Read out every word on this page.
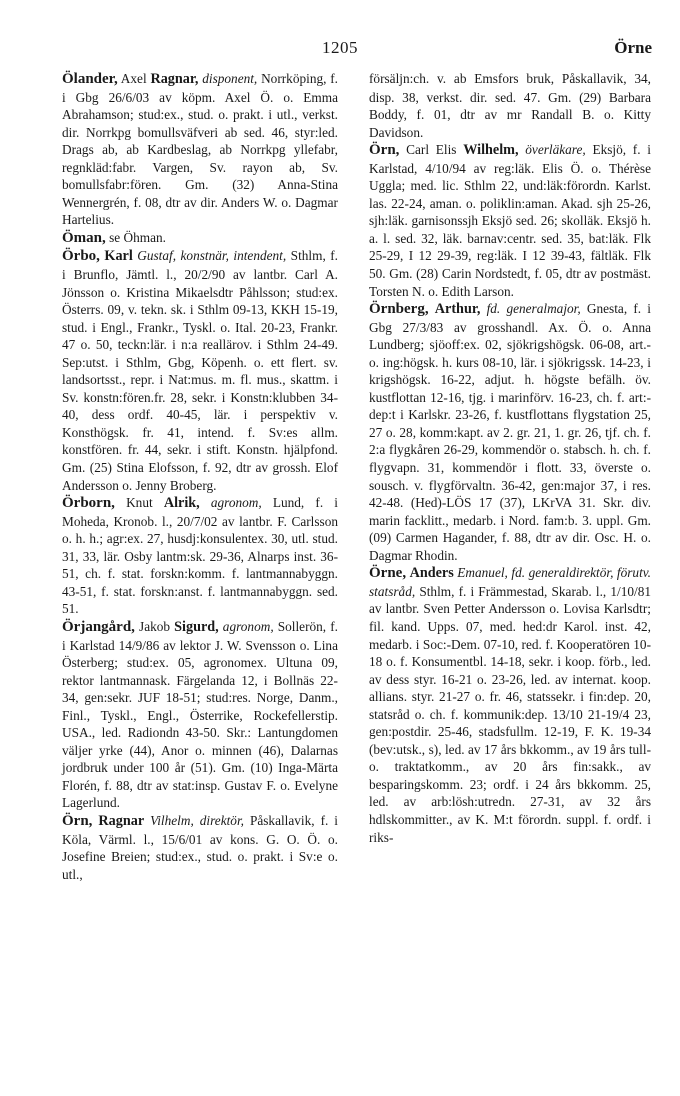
1205	Örne

Ölander, Axel Ragnar, disponent, Norrköping, f. i Gbg 26/6/03 av köpm. Axel Ö. o. Emma Abrahamson; stud:ex., stud. o. prakt. i utl., verkst. dir. Norrkpg bomullsväfveri ab sed. 46, styr:led. Drags ab, ab Kardbeslag, ab Norrkpg yllefabr, regnkläd:fabr. Vargen, Sv. rayon ab, Sv. bomullsfabr:fören. Gm. (32) Anna-Stina Wennergrén, f. 08, dtr av dir. Anders W. o. Dagmar Hartelius.

Öman, se Öhman.

Örbo, Karl Gustaf, konstnär, intendent, Sthlm, f. i Brunflo, Jämtl. l., 20/2/90 av lantbr. Carl A. Jönsson o. Kristina Mikaelsdtr Påhlsson; stud:ex. Österrs. 09, v. tekn. sk. i Sthlm 09-13, KKH 15-19, stud. i Engl., Frankr., Tyskl. o. Ital. 20-23, Frankr. 47 o. 50, teckn:lär. i n:a reallärov. i Sthlm 24-49. Sep:utst. i Sthlm, Gbg, Köpenh. o. ett flert. sv. landsortsst., repr. i Nat:mus. m. fl. mus., skattm. i Sv. konstn:fören.fr. 28, sekr. i Konstn:klubben 34-40, dess ordf. 40-45, lär. i perspektiv v. Konsthögsk. fr. 41, intend. f. Sv:es allm. konstfören. fr. 44, sekr. i stift. Konstn. hjälpfond. Gm. (25) Stina Elofsson, f. 92, dtr av grossh. Elof Andersson o. Jenny Broberg.

Örborn, Knut Alrik, agronom, Lund, f. i Moheda, Kronob. l., 20/7/02 av lantbr. F. Carlsson o. h. h.; agr:ex. 27, husdj:konsulentex. 30, utl. stud. 31, 33, lär. Osby lantm:sk. 29-36, Alnarps inst. 36-51, ch. f. stat. forskn:komm. f. lantmannabyggn. 43-51, f. stat. forskn:anst. f. lantmannabyggn. sed. 51.

Örjangård, Jakob Sigurd, agronom, Sollerön, f. i Karlstad 14/9/86 av lektor J. W. Svensson o. Lina Österberg; stud:ex. 05, agronomex. Ultuna 09, rektor lantmannask. Färgelanda 12, i Bollnäs 22-34, gen:sekr. JUF 18-51; stud:res. Norge, Danm., Finl., Tyskl., Engl., Österrike, Rockefellerstip. USA., led. Radiondn 43-50. Skr.: Lantungdomen väljer yrke (44), Anor o. minnen (46), Dalarnas jordbruk under 100 år (51). Gm. (10) Inga-Märta Florén, f. 88, dtr av stat:insp. Gustav F. o. Evelyne Lagerlund.

Örn, Ragnar Vilhelm, direktör, Påskallavik, f. i Köla, Värml. l., 15/6/01 av kons. G. O. Ö. o. Josefine Breien; stud:ex., stud. o. prakt. i Sv:e o. utl.,

försäljn:ch. v. ab Emsfors bruk, Påskallavik, 34, disp. 38, verkst. dir. sed. 47. Gm. (29) Barbara Boddy, f. 01, dtr av mr Randall B. o. Kitty Davidson.

Örn, Carl Elis Wilhelm, överläkare, Eksjö, f. i Karlstad, 4/10/94 av reg:läk. Elis Ö. o. Thérèse Uggla; med. lic. Sthlm 22, und:läk:förordn. Karlst. las. 22-24, aman. o. poliklin:aman. Akad. sjh 25-26, sjh:läk. garnisonssjh Eksjö sed. 26; skolläk. Eksjö h. a. l. sed. 32, läk. barnav:centr. sed. 35, bat:läk. Flk 25-29, I 12 29-39, reg:läk. I 12 39-43, fältläk. Flk 50. Gm. (28) Carin Nordstedt, f. 05, dtr av postmäst. Torsten N. o. Edith Larson.

Örnberg, Arthur, fd. generalmajor, Gnesta, f. i Gbg 27/3/83 av grosshandl. Ax. Ö. o. Anna Lundberg; sjöoff:ex. 02, sjökrigshögsk. 06-08, art.-o. ing:högsk. h. kurs 08-10, lär. i sjökrigssk. 14-23, i krigshögsk. 16-22, adjut. h. högste befälh. öv. kustflottan 12-16, tjg. i marinförv. 16-23, ch. f. art:-dep:t i Karlskr. 23-26, f. kustflottans flygstation 25, 27 o. 28, komm:kapt. av 2. gr. 21, 1. gr. 26, tjf. ch. f. 2:a flygkåren 26-29, kommendör o. stabsch. h. ch. f. flygvapn. 31, kommendör i flott. 33, överste o. sousch. v. flygförvaltn. 36-42, gen:major 37, i res. 42-48. (Hed)-LÖS 17 (37), LKrVA 31. Skr. div. marin facklitt., medarb. i Nord. fam:b. 3. uppl. Gm. (09) Carmen Hagander, f. 88, dtr av dir. Osc. H. o. Dagmar Rhodin.

Örne, Anders Emanuel, fd. generaldirektör, förutv. statsråd, Sthlm, f. i Främmestad, Skarab. l., 1/10/81 av lantbr. Sven Petter Andersson o. Lovisa Karlsdtr; fil. kand. Upps. 07, med. hed:dr Karol. inst. 42, medarb. i Soc:-Dem. 07-10, red. f. Kooperatören 10-18 o. f. Konsumentbl. 14-18, sekr. i koop. förb., led. av dess styr. 16-21 o. 23-26, led. av internat. koop. allians. styr. 21-27 o. fr. 46, statssekr. i fin:dep. 20, statsråd o. ch. f. kommunik:dep. 13/10 21-19/4 23, gen:postdir. 25-46, stadsfullm. 12-19, F. K. 19-34 (bev:utsk., s), led. av 17 års bkkomm., av 19 års tull- o. traktatkomm., av 20 års fin:sakk., av besparingskomm. 23; ordf. i 24 års bkkomm. 25, led. av arb:lösh:utredn. 27-31, av 32 års hdlskommitter., av K. M:t förordn. suppl. f. ordf. i riks-
